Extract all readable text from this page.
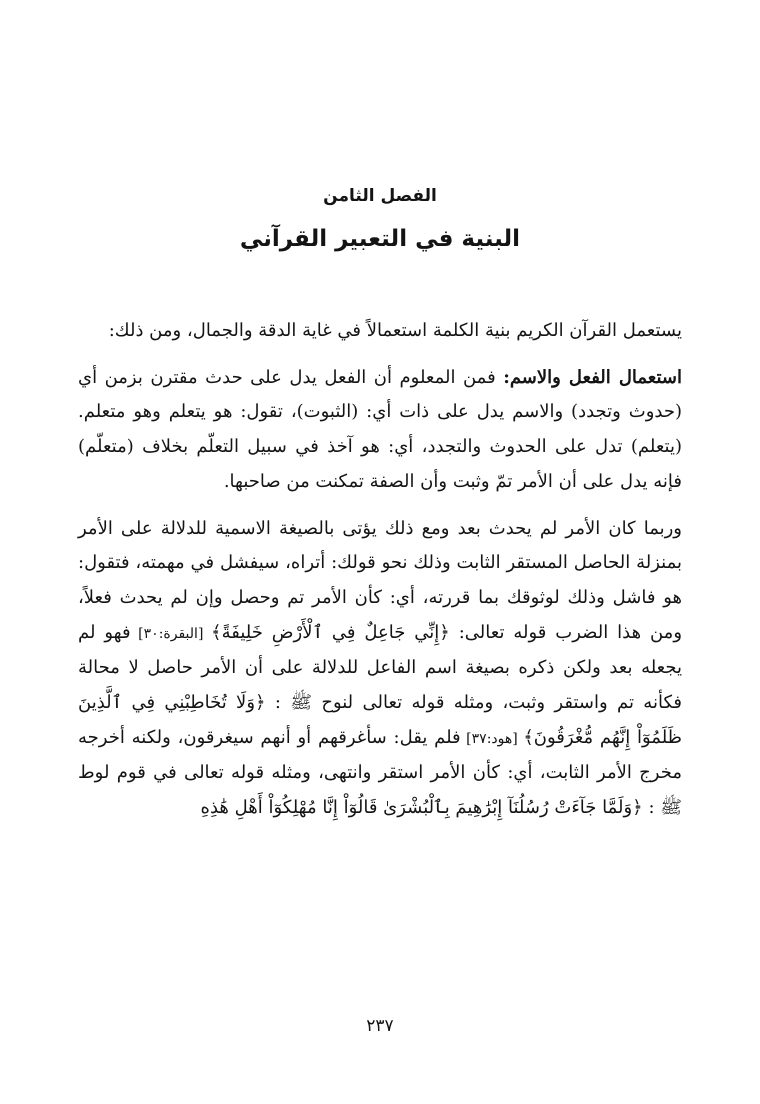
الفصل الثامن
البنية في التعبير القرآني

يستعمل القرآن الكريم بنية الكلمة استعمالاً في غاية الدقة والجمال، ومن ذلك:

استعمال الفعل والاسم: فمن المعلوم أن الفعل يدل على حدث مقترن بزمن أي (حدوث وتجدد) والاسم يدل على ذات أي: (الثبوت)، تقول: هو يتعلم وهو متعلم. (يتعلم) تدل على الحدوث والتجدد، أي: هو آخذ في سبيل التعلّم بخلاف (متعلّم) فإنه يدل على أن الأمر تمّ وثبت وأن الصفة تمكنت من صاحبها.

وربما كان الأمر لم يحدث بعد ومع ذلك يؤتى بالصيغة الاسمية للدلالة على الأمر بمنزلة الحاصل المستقر الثابت وذلك نحو قولك: أتراه، سيفشل في مهمته، فتقول: هو فاشل وذلك لوثوقك بما قررته، أي: كأن الأمر تم وحصل وإن لم يحدث فعلاً، ومن هذا الضرب قوله تعالى: ﴿إِنِّي جَاعِلٌ فِي ٱلْأَرْضِ خَلِيفَةً﴾ [البقرة:٣٠] فهو لم يجعله بعد ولكن ذكره بصيغة اسم الفاعل للدلالة على أن الأمر حاصل لا محالة فكأنه تم واستقر وثبت، ومثله قوله تعالى لنوح ﷺ : ﴿وَلَا تُخَاطِبْنِي فِي ٱلَّذِينَ ظَلَمُوٓاْ إِنَّهُم مُّغْرَقُونَ﴾ [هود:٣٧] فلم يقل: سأغرقهم أو أنهم سيغرقون، ولكنه أخرجه مخرج الأمر الثابت، أي: كأن الأمر استقر وانتهى، ومثله قوله تعالى في قوم لوط ﷺ : ﴿وَلَمَّا جَآءَتْ رُسُلُنَآ إِبْرَٰهِيمَ بِٱلْبُشْرَىٰ قَالُوٓاْ إِنَّا مُهْلِكُوٓاْ أَهْلِ هَٰذِهِ

٢٣٧
